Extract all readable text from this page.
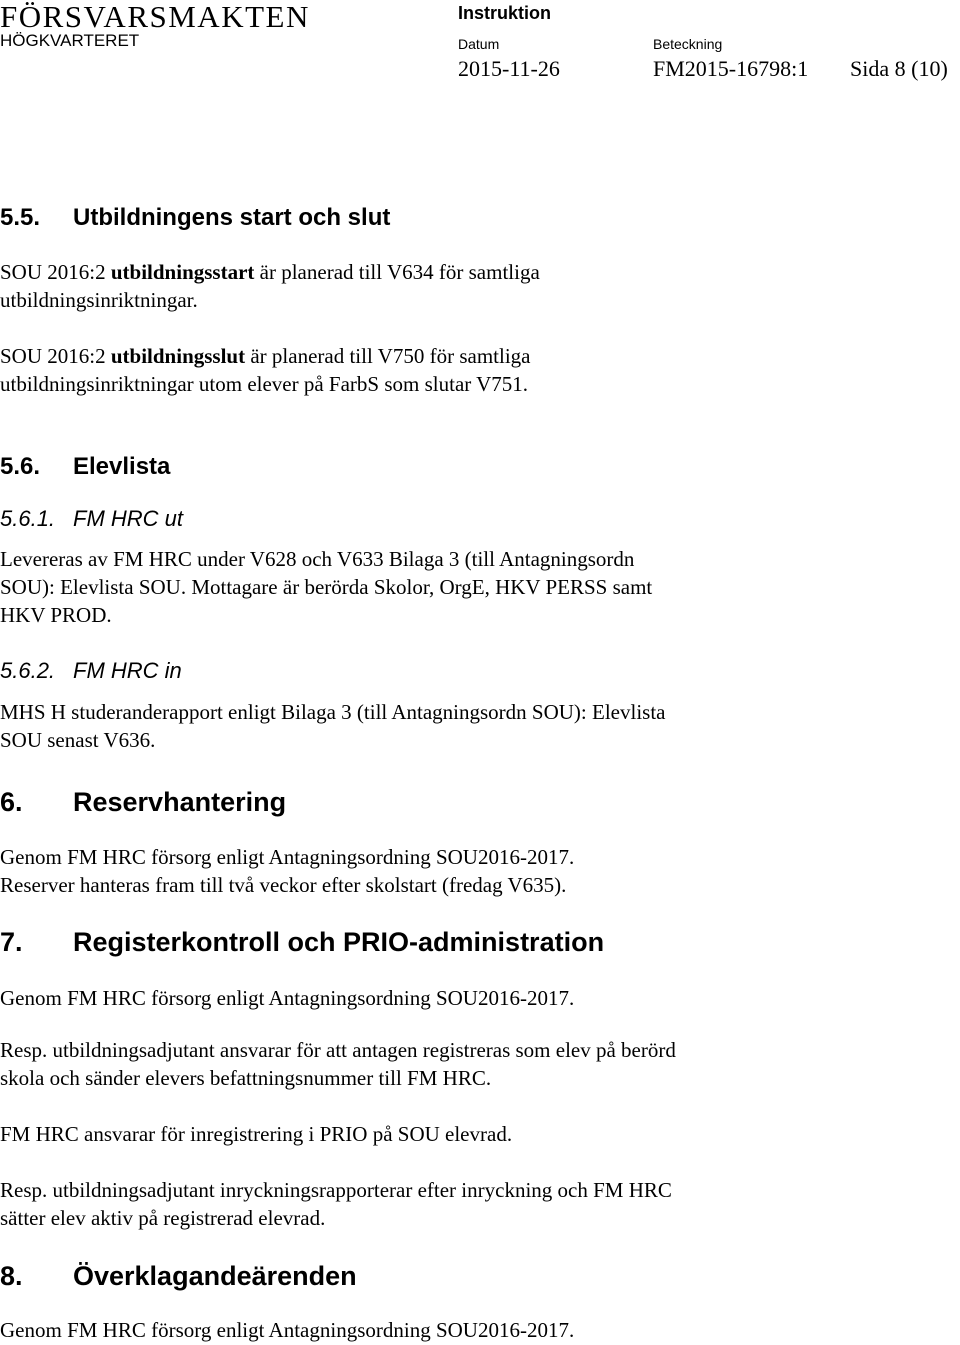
FÖRSVARSMAKTEN
HÖGKVARTERET
Instruktion
Datum
2015-11-26
Beteckning
FM2015-16798:1 Sida 8 (10)
5.5. Utbildningens start och slut
SOU 2016:2 utbildningsstart är planerad till V634 för samtliga
utbildningsinriktningar.
SOU 2016:2 utbildningsslut är planerad till V750 för samtliga
utbildningsinriktningar utom elever på FarbS som slutar V751.
5.6. Elevlista
5.6.1. FM HRC ut
Levereras av FM HRC under V628 och V633 Bilaga 3 (till Antagningsordn
SOU): Elevlista SOU. Mottagare är berörda Skolor, OrgE, HKV PERSS samt
HKV PROD.
5.6.2. FM HRC in
MHS H studeranderapport enligt Bilaga 3 (till Antagningsordn SOU): Elevlista
SOU senast V636.
6. Reservhantering
Genom FM HRC försorg enligt Antagningsordning SOU2016-2017.
Reserver hanteras fram till två veckor efter skolstart (fredag V635).
7. Registerkontroll och PRIO-administration
Genom FM HRC försorg enligt Antagningsordning SOU2016-2017.
Resp. utbildningsadjutant ansvarar för att antagen registreras som elev på berörd
skola och sänder elevers befattningsnummer till FM HRC.
FM HRC ansvarar för inregistrering i PRIO på SOU elevrad.
Resp. utbildningsadjutant inryckningsrapporterar efter inryckning och FM HRC
sätter elev aktiv på registrerad elevrad.
8. Överklagandeärenden
Genom FM HRC försorg enligt Antagningsordning SOU2016-2017.
